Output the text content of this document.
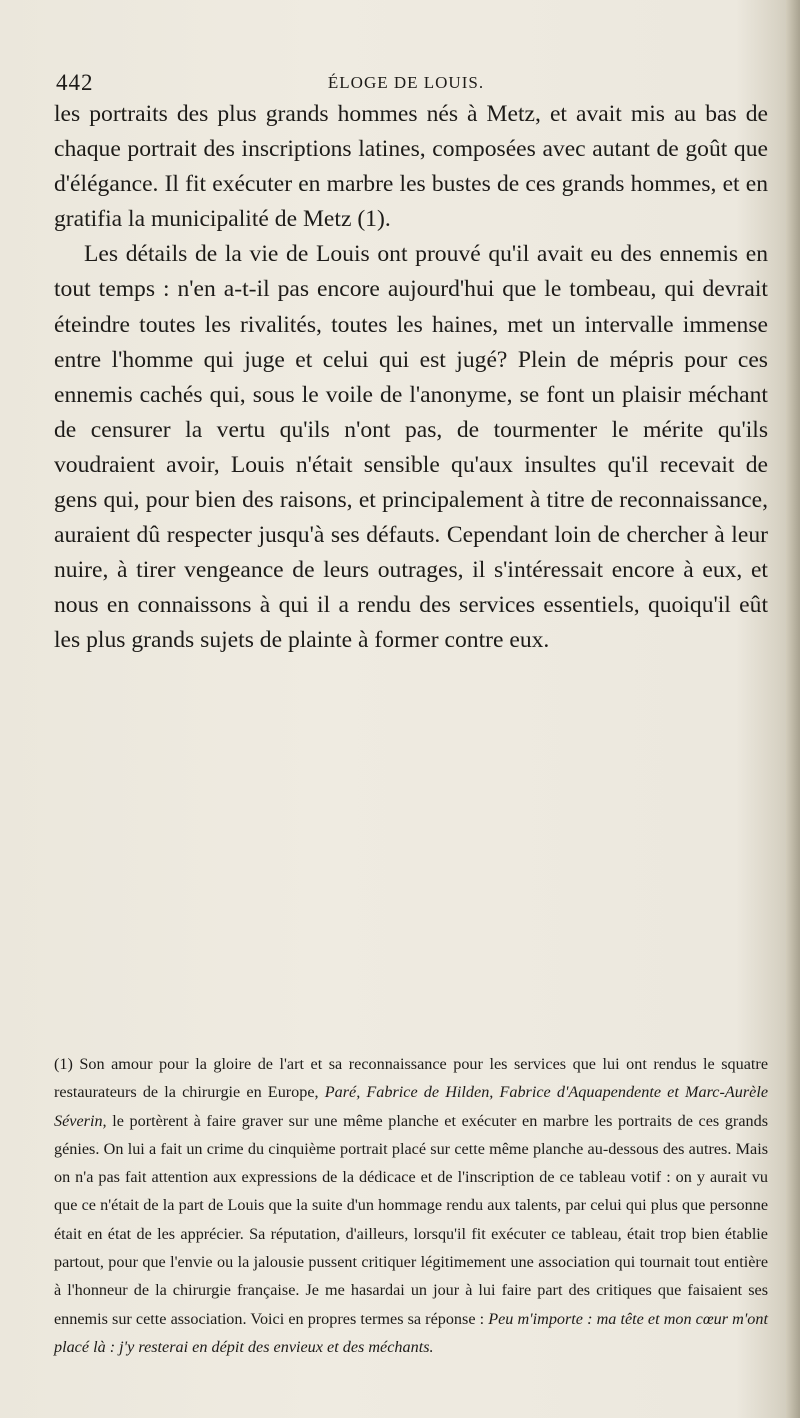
442	ÉLOGE DE LOUIS.

les portraits des plus grands hommes nés à Metz, et avait mis au bas de chaque portrait des inscriptions latines, composées avec autant de goût que d'élégance. Il fit exécuter en marbre les bustes de ces grands hommes, et en gratifia la municipalité de Metz (1).

Les détails de la vie de Louis ont prouvé qu'il avait eu des ennemis en tout temps : n'en a-t-il pas encore aujourd'hui que le tombeau, qui devrait éteindre toutes les rivalités, toutes les haines, met un intervalle immense entre l'homme qui juge et celui qui est jugé? Plein de mépris pour ces ennemis cachés qui, sous le voile de l'anonyme, se font un plaisir méchant de censurer la vertu qu'ils n'ont pas, de tourmenter le mérite qu'ils voudraient avoir, Louis n'était sensible qu'aux insultes qu'il recevait de gens qui, pour bien des raisons, et principalement à titre de reconnaissance, auraient dû respecter jusqu'à ses défauts. Cependant loin de chercher à leur nuire, à tirer vengeance de leurs outrages, il s'intéressait encore à eux, et nous en connaissons à qui il a rendu des services essentiels, quoiqu'il eût les plus grands sujets de plainte à former contre eux.

(1) Son amour pour la gloire de l'art et sa reconnaissance pour les services que lui ont rendus le squatre restaurateurs de la chirurgie en Europe, Paré, Fabrice de Hilden, Fabrice d'Aquapendente et Marc-Aurèle Séverin, le portèrent à faire graver sur une même planche et exécuter en marbre les portraits de ces grands génies. On lui a fait un crime du cinquième portrait placé sur cette même planche au-dessous des autres. Mais on n'a pas fait attention aux expressions de la dédicace et de l'inscription de ce tableau votif : on y aurait vu que ce n'était de la part de Louis que la suite d'un hommage rendu aux talents, par celui qui plus que personne était en état de les apprécier. Sa réputation, d'ailleurs, lorsqu'il fit exécuter ce tableau, était trop bien établie partout, pour que l'envie ou la jalousie pussent critiquer légitimement une association qui tournait tout entière à l'honneur de la chirurgie française. Je me hasardai un jour à lui faire part des critiques que faisaient ses ennemis sur cette association. Voici en propres termes sa réponse : Peu m'importe : ma tête et mon cœur m'ont placé là : j'y resterai en dépit des envieux et des méchants.
